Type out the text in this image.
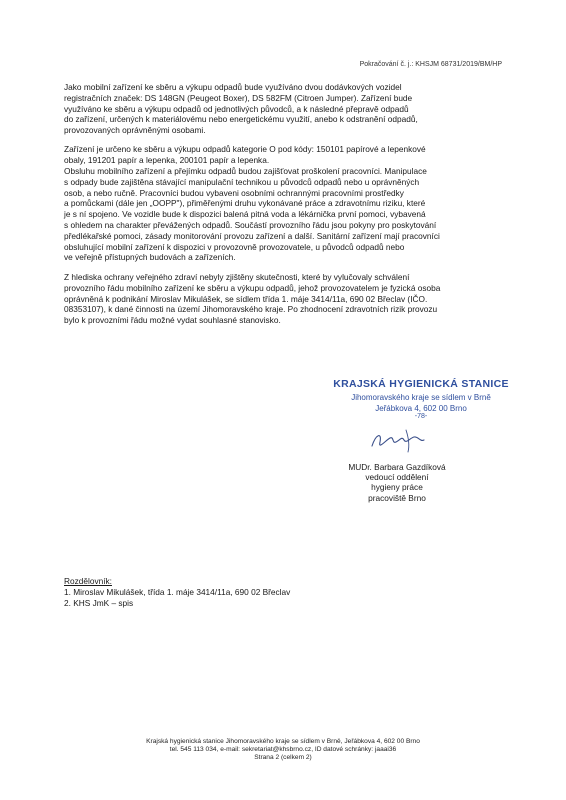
Pokračování č. j.: KHSJM 68731/2019/BM/HP
Jako mobilní zařízení ke sběru a výkupu odpadů bude využíváno dvou dodávkových vozidel
registračních značek: DS 148GN (Peugeot Boxer), DS 582FM (Citroen Jumper). Zařízení bude
využíváno ke sběru a výkupu odpadů od jednotlivých původců, a k následné přepravě odpadů
do zařízení, určených k materiálovému nebo energetickému využití, anebo k odstranění odpadů,
provozovaných oprávněnými osobami.
Zařízení je určeno ke sběru a výkupu odpadů kategorie O pod kódy: 150101 papírové a lepenkové
obaly, 191201 papír a lepenka, 200101 papír a lepenka.
Obsluhu mobilního zařízení a přejímku odpadů budou zajišťovat proškolení pracovníci. Manipulace
s odpady bude zajištěna stávající manipulační technikou u původců odpadů nebo u oprávněných
osob, a nebo ručně. Pracovníci budou vybaveni osobními ochrannými pracovními prostředky
a pomůckami (dále jen „OOPP"), přiměřenými druhu vykonávané práce a zdravotnímu riziku, které
je s ní spojeno. Ve vozidle bude k dispozici balená pitná voda a lékárnička první pomoci, vybavená
s ohledem na charakter převážených odpadů. Součástí provozního řádu jsou pokyny pro poskytování
předlékařské pomoci, zásady monitorování provozu zařízení a další. Sanitární zařízení mají pracovníci
obsluhující mobilní zařízení k dispozici v provozovně provozovatele, u původců odpadů nebo
ve veřejně přístupných budovách a zařízeních.
Z hlediska ochrany veřejného zdraví nebyly zjištěny skutečnosti, které by vylučovaly schválení
provozního řádu mobilního zařízení ke sběru a výkupu odpadů, jehož provozovatelem je fyzická osoba
oprávněná k podnikání Miroslav Mikulášek, se sídlem třída 1. máje 3414/11a, 690 02 Břeclav (IČO.
08353107), k dané činnosti na území Jihomoravského kraje. Po zhodnocení zdravotních rizik provozu
bylo k provozními řádu možné vydat souhlasné stanovisko.
KRAJSKÁ HYGIENICKÁ STANICE
Jihomoravského kraje se sídlem v Brně
Jeřábkova 4, 602 00 Brno
-78-
MUDr. Barbara Gazdíková
vedoucí oddělení
hygieny práce
pracoviště Brno
Rozdělovník:
1. Miroslav Mikulášek, třída 1. máje 3414/11a, 690 02 Břeclav
2. KHS JmK – spis
Krajská hygienická stanice Jihomoravského kraje se sídlem v Brně, Jeřábkova 4, 602 00 Brno
tel. 545 113 034, e-mail: sekretariat@khsbrno.cz, ID datové schránky: jaaai36
Strana 2 (celkem 2)
